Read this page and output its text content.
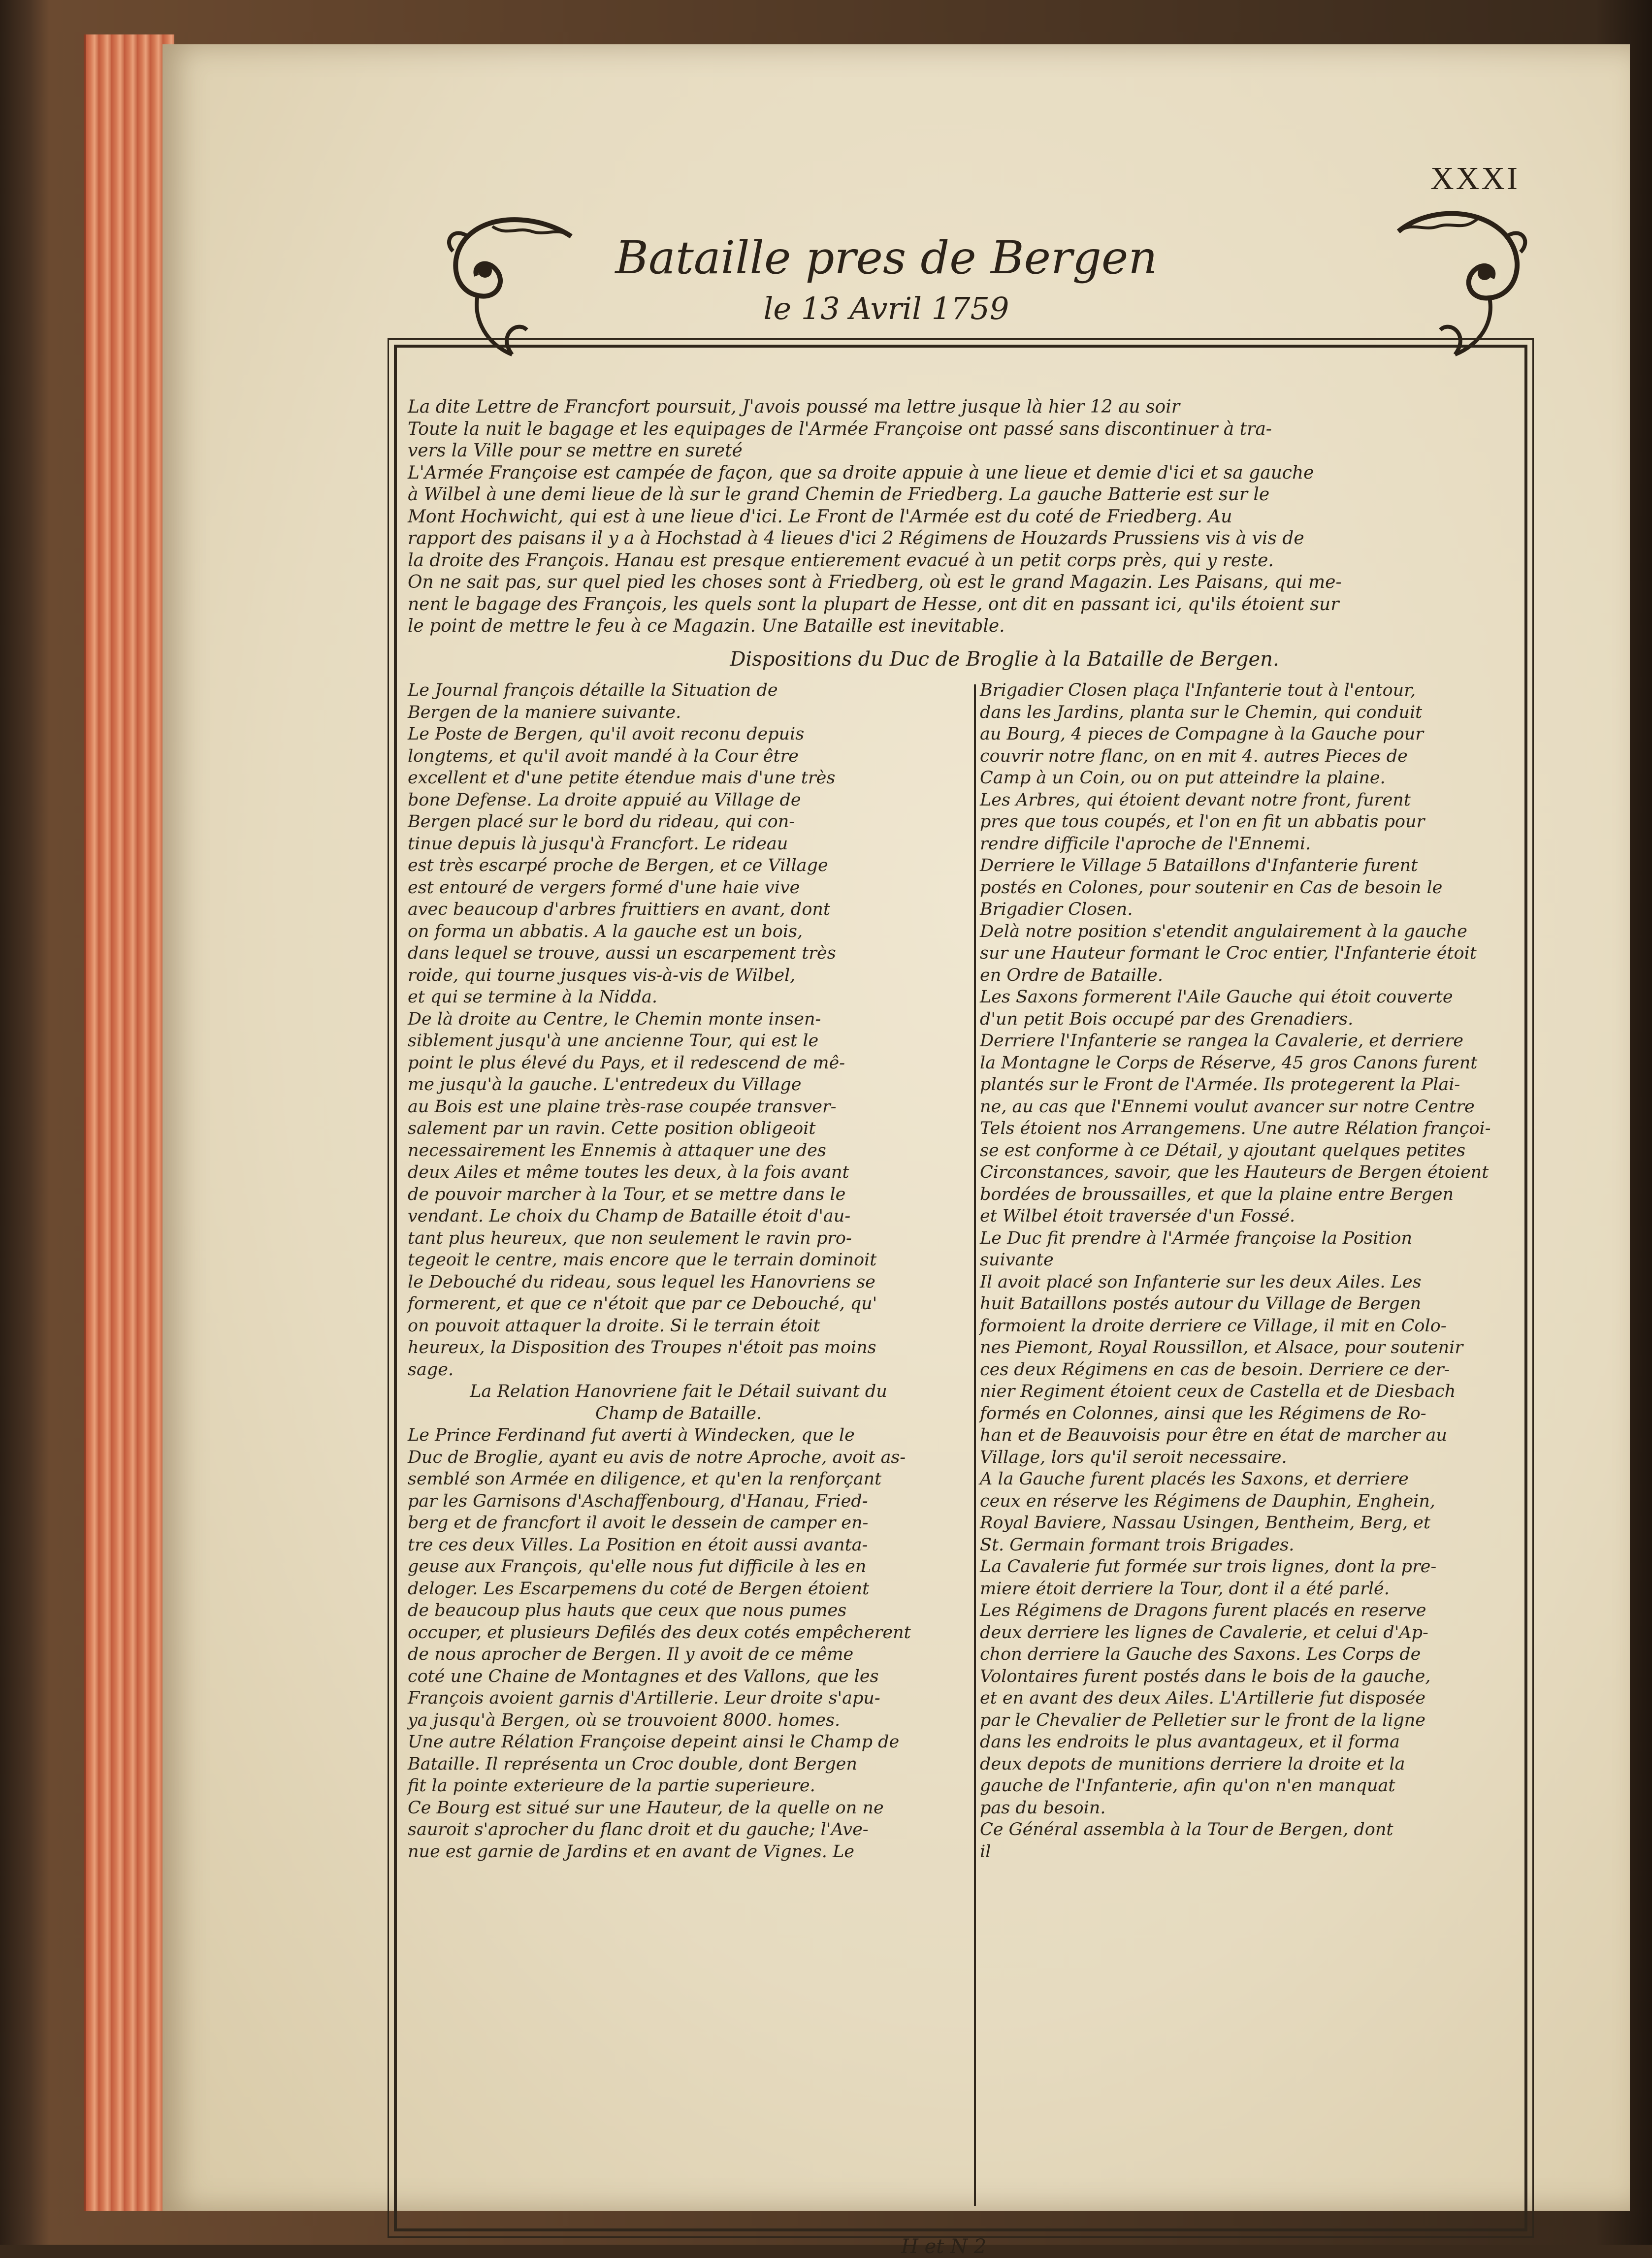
XXXI
Bataille pres de Bergen
le 13 Avril 1759

La dite Lettre de Francfort poursuit, J'avois poussé ma lettre jusque là hier 12 au soir

Toute la nuit le bagage et les equipages de l'Armée Françoise ont passé sans discontinuer à tra-

vers la Ville pour se mettre en sureté

L'Armée Françoise est campée de façon, que sa droite appuie à une lieue et demie d'ici et sa gauche

à Wilbel à une demi lieue de là sur le grand Chemin de Friedberg. La gauche Batterie est sur le

Mont Hochwicht, qui est à une lieue d'ici. Le Front de l'Armée est du coté de Friedberg. Au

rapport des paisans il y a à Hochstad à 4 lieues d'ici 2 Régimens de Houzards Prussiens vis à vis de

la droite des François. Hanau est presque entierement evacué à un petit corps près, qui y reste.

On ne sait pas, sur quel pied les choses sont à Friedberg, où est le grand Magazin. Les Paisans, qui me-

nent le bagage des François, les quels sont la plupart de Hesse, ont dit en passant ici, qu'ils étoient sur

le point de mettre le feu à ce Magazin. Une Bataille est inevitable.

Dispositions du Duc de Broglie à la Bataille de Bergen.

Le Journal françois détaille la Situation de
Bergen de la maniere suivante.

Le Poste de Bergen, qu'il avoit reconu depuis
longtems, et qu'il avoit mandé à la Cour être
excellent et d'une petite étendue mais d'une très
bone Defense. La droite appuié au Village de
Bergen placé sur le bord du rideau, qui con-
tinue depuis là jusqu'à Francfort. Le rideau
est très escarpé proche de Bergen, et ce Village
est entouré de vergers formé d'une haie vive
avec beaucoup d'arbres fruittiers en avant, dont
on forma un abbatis. A la gauche est un bois,
dans lequel se trouve, aussi un escarpement très
roide, qui tourne jusques vis-à-vis de Wilbel,
et qui se termine à la Nidda.

De là droite au Centre, le Chemin monte insen-
siblement jusqu'à une ancienne Tour, qui est le
point le plus élevé du Pays, et il redescend de mê-
me jusqu'à la gauche. L'entredeux du Village
au Bois est une plaine très-rase coupée transver-
salement par un ravin. Cette position obligeoit
necessairement les Ennemis à attaquer une des
deux Ailes et même toutes les deux, à la fois avant
de pouvoir marcher à la Tour, et se mettre dans le
vendant. Le choix du Champ de Bataille étoit d'au-
tant plus heureux, que non seulement le ravin pro-
tegeoit le centre, mais encore que le terrain dominoit
le Debouché du rideau, sous lequel les Hanovriens se
formerent, et que ce n'étoit que par ce Debouché, qu'
on pouvoit attaquer la droite. Si le terrain étoit
heureux, la Disposition des Troupes n'étoit pas moins
sage.

La Relation Hanovriene fait le Détail suivant du
Champ de Bataille.

Le Prince Ferdinand fut averti à Windecken, que le
Duc de Broglie, ayant eu avis de notre Aproche, avoit as-
semblé son Armée en diligence, et qu'en la renforçant
par les Garnisons d'Aschaffenbourg, d'Hanau, Fried-
berg et de francfort il avoit le dessein de camper en-
tre ces deux Villes. La Position en étoit aussi avanta-
geuse aux François, qu'elle nous fut difficile à les en
deloger. Les Escarpemens du coté de Bergen étoient
de beaucoup plus hauts que ceux que nous pumes
occuper, et plusieurs Defilés des deux cotés empêcherent
de nous aprocher de Bergen. Il y avoit de ce même
coté une Chaine de Montagnes et des Vallons, que les
François avoient garnis d'Artillerie. Leur droite s'apu-
ya jusqu'à Bergen, où se trouvoient 8000. homes.

Une autre Rélation Françoise depeint ainsi le Champ de
Bataille. Il représenta un Croc double, dont Bergen
fit la pointe exterieure de la partie superieure.

Ce Bourg est situé sur une Hauteur, de la quelle on ne
sauroit s'aprocher du flanc droit et du gauche; l'Ave-
nue est garnie de Jardins et en avant de Vignes. Le

Brigadier Closen plaça l'Infanterie tout à l'entour,
dans les Jardins, planta sur le Chemin, qui conduit
au Bourg, 4 pieces de Compagne à la Gauche pour
couvrir notre flanc, on en mit 4. autres Pieces de
Camp à un Coin, ou on put atteindre la plaine.

Les Arbres, qui étoient devant notre front, furent
pres que tous coupés, et l'on en fit un abbatis pour
rendre difficile l'aproche de l'Ennemi.

Derriere le Village 5 Bataillons d'Infanterie furent
postés en Colones, pour soutenir en Cas de besoin le
Brigadier Closen.

Delà notre position s'etendit angulairement à la gauche
sur une Hauteur formant le Croc entier, l'Infanterie étoit
en Ordre de Bataille.

Les Saxons formerent l'Aile Gauche qui étoit couverte
d'un petit Bois occupé par des Grenadiers.

Derriere l'Infanterie se rangea la Cavalerie, et derriere
la Montagne le Corps de Réserve, 45 gros Canons furent
plantés sur le Front de l'Armée. Ils protegerent la Plai-
ne, au cas que l'Ennemi voulut avancer sur notre Centre
Tels étoient nos Arrangemens. Une autre Rélation françoi-
se est conforme à ce Détail, y ajoutant quelques petites
Circonstances, savoir, que les Hauteurs de Bergen étoient
bordées de broussailles, et que la plaine entre Bergen
et Wilbel étoit traversée d'un Fossé.

Le Duc fit prendre à l'Armée françoise la Position
suivante

Il avoit placé son Infanterie sur les deux Ailes. Les
huit Bataillons postés autour du Village de Bergen
formoient la droite derriere ce Village, il mit en Colo-
nes Piemont, Royal Roussillon, et Alsace, pour soutenir
ces deux Régimens en cas de besoin. Derriere ce der-
nier Regiment étoient ceux de Castella et de Diesbach
formés en Colonnes, ainsi que les Régimens de Ro-
han et de Beauvoisis pour être en état de marcher au
Village, lors qu'il seroit necessaire.

A la Gauche furent placés les Saxons, et derriere
ceux en réserve les Régimens de Dauphin, Enghein,
Royal Baviere, Nassau Usingen, Bentheim, Berg, et
St. Germain formant trois Brigades.

La Cavalerie fut formée sur trois lignes, dont la pre-
miere étoit derriere la Tour, dont il a été parlé.

Les Régimens de Dragons furent placés en reserve
deux derriere les lignes de Cavalerie, et celui d'Ap-
chon derriere la Gauche des Saxons. Les Corps de
Volontaires furent postés dans le bois de la gauche,
et en avant des deux Ailes. L'Artillerie fut disposée
par le Chevalier de Pelletier sur le front de la ligne
dans les endroits le plus avantageux, et il forma
deux depots de munitions derriere la droite et la
gauche de l'Infanterie, afin qu'on n'en manquat
pas du besoin.

Ce Général assembla à la Tour de Bergen, dont
il

H et N 2
